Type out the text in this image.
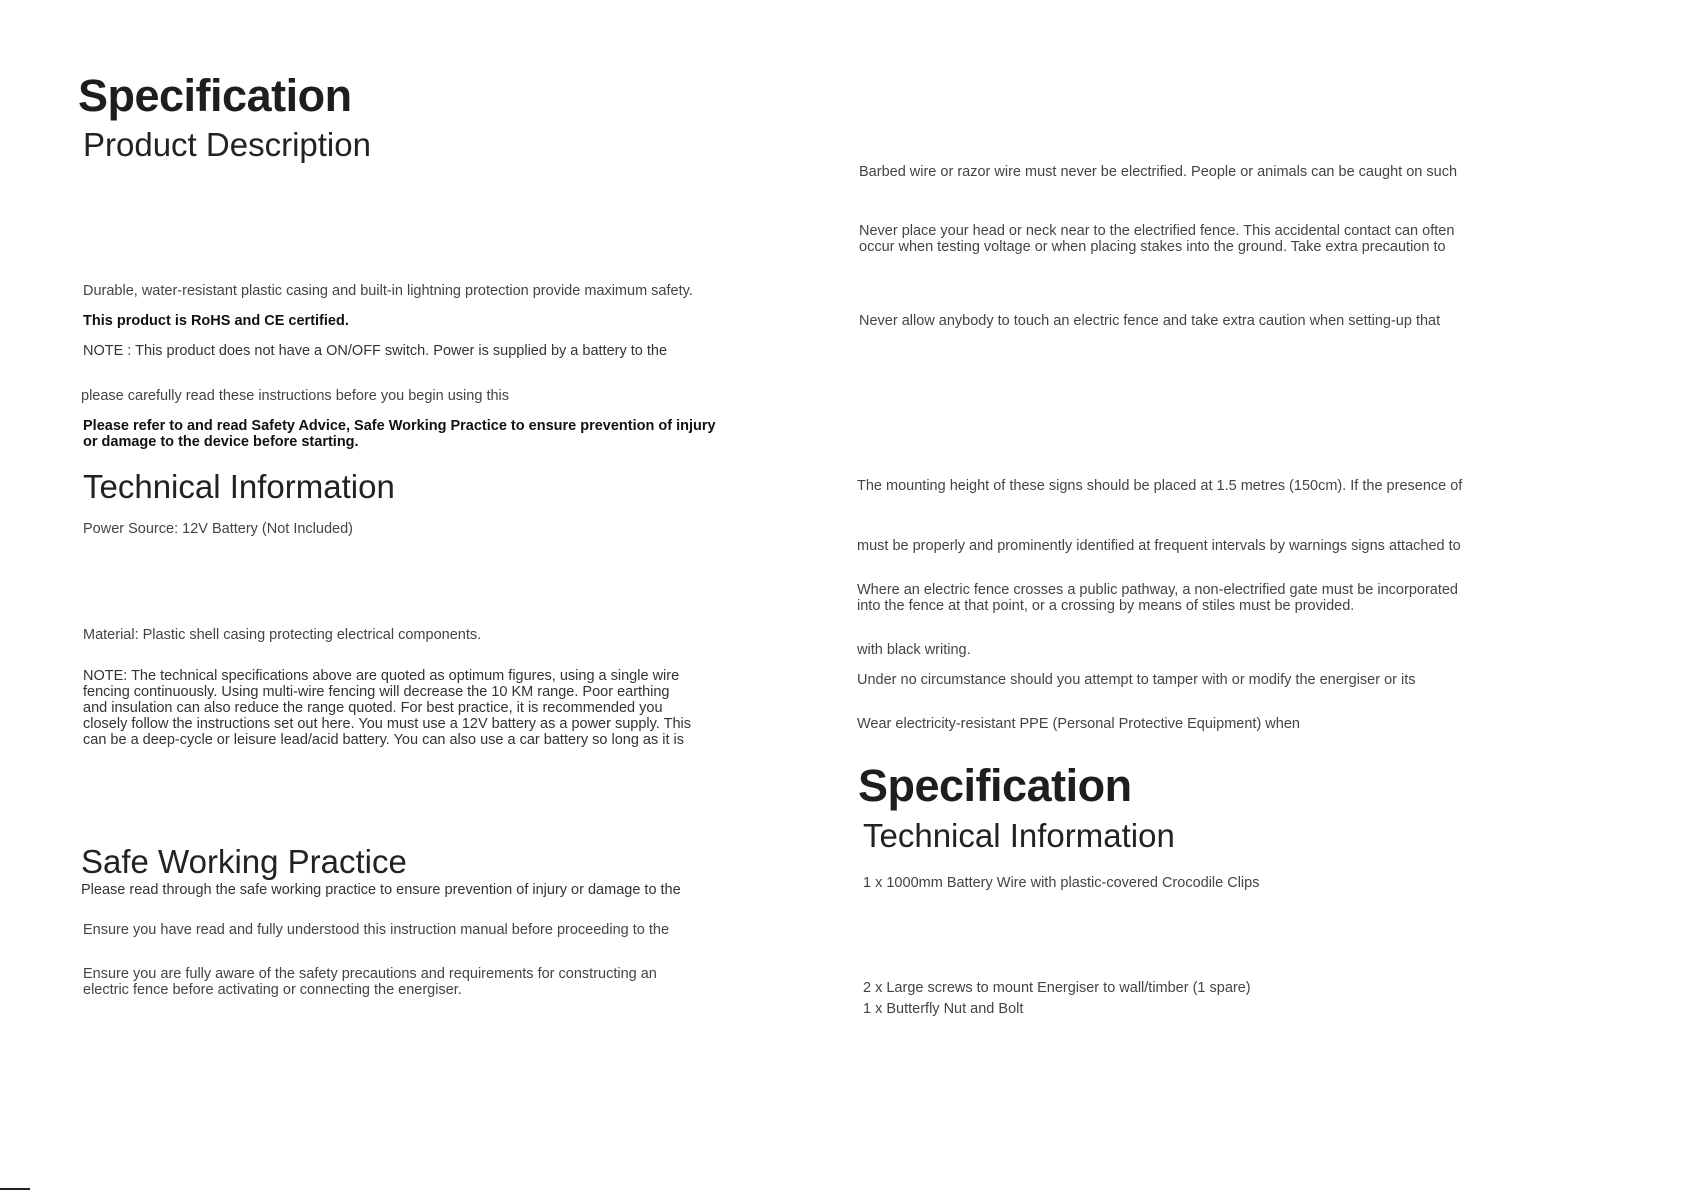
Specification
Product Description
Durable, water-resistant plastic casing and built-in lightning protection provide maximum safety.
This product is RoHS and CE certified.
NOTE : This product does not have a ON/OFF switch. Power is supplied by a battery to the
please carefully read these instructions before you begin using this
Please refer to and read Safety Advice, Safe Working Practice to ensure prevention of injury
or damage to the device before starting.
Technical Information
Power Source: 12V Battery (Not Included)
Material: Plastic shell casing protecting electrical components.
NOTE: The technical specifications above are quoted as optimum figures, using a single wire
fencing continuously. Using multi-wire fencing will decrease the 10 KM range. Poor earthing
and insulation can also reduce the range quoted. For best practice, it is recommended you
closely follow the instructions set out here. You must use a 12V battery as a power supply. This
can be a deep-cycle or leisure lead/acid battery. You can also use a car battery so long as it is
Safe Working Practice
Please read through the safe working practice to ensure prevention of injury or damage to the
Ensure you have read and fully understood this instruction manual before proceeding to the
Ensure you are fully aware of the safety precautions and requirements for constructing an
electric fence before activating or connecting the energiser.
Barbed wire or razor wire must never be electrified. People or animals can be caught on such
Never place your head or neck near to the electrified fence. This accidental contact can often
occur when testing voltage or when placing stakes into the ground. Take extra precaution to
Never allow anybody to touch an electric fence and take extra caution when setting-up that
The mounting height of these signs should be placed at 1.5 metres (150cm). If the presence of
must be properly and prominently identified at frequent intervals by warnings signs attached to
Where an electric fence crosses a public pathway, a non-electrified gate must be incorporated
into the fence at that point, or a crossing by means of stiles must be provided.
with black writing.
Under no circumstance should you attempt to tamper with or modify the energiser or its
Wear electricity-resistant PPE (Personal Protective Equipment) when
Specification
Technical Information
1 x 1000mm Battery Wire with plastic-covered Crocodile Clips
2 x Large screws to mount Energiser to wall/timber (1 spare)
1 x Butterfly Nut and Bolt
